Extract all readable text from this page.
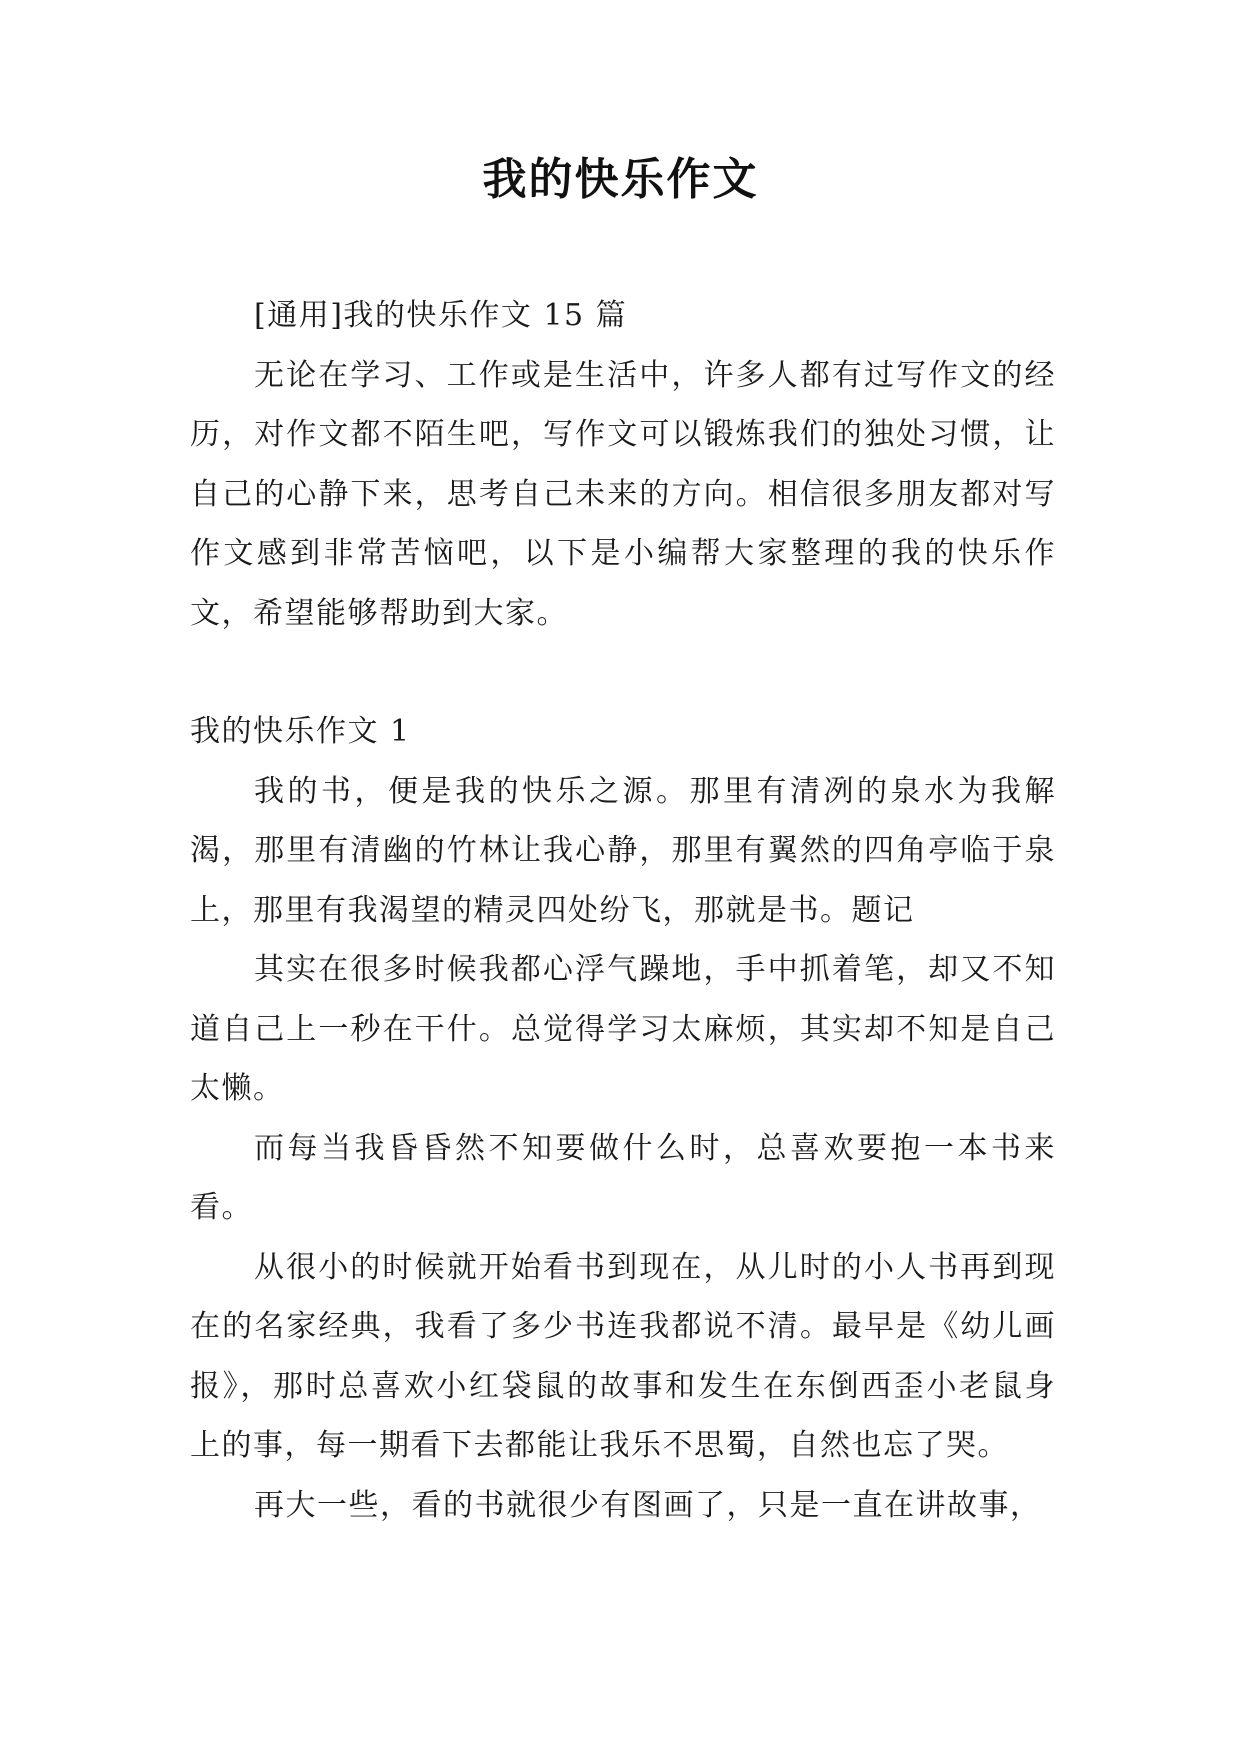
我的快乐作文

[通用]我的快乐作文 15 篇

无论在学习、工作或是生活中，许多人都有过写作文的经历，对作文都不陌生吧，写作文可以锻炼我们的独处习惯，让自己的心静下来，思考自己未来的方向。相信很多朋友都对写作文感到非常苦恼吧，以下是小编帮大家整理的我的快乐作文，希望能够帮助到大家。

我的快乐作文 1

我的书，便是我的快乐之源。那里有清冽的泉水为我解渴，那里有清幽的竹林让我心静，那里有翼然的四角亭临于泉上，那里有我渴望的精灵四处纷飞，那就是书。题记

其实在很多时候我都心浮气躁地，手中抓着笔，却又不知道自己上一秒在干什。总觉得学习太麻烦，其实却不知是自己太懒。

而每当我昏昏然不知要做什么时，总喜欢要抱一本书来看。

从很小的时候就开始看书到现在，从儿时的小人书再到现在的名家经典，我看了多少书连我都说不清。最早是《幼儿画报》，那时总喜欢小红袋鼠的故事和发生在东倒西歪小老鼠身上的事，每一期看下去都能让我乐不思蜀，自然也忘了哭。

再大一些，看的书就很少有图画了，只是一直在讲故事，
